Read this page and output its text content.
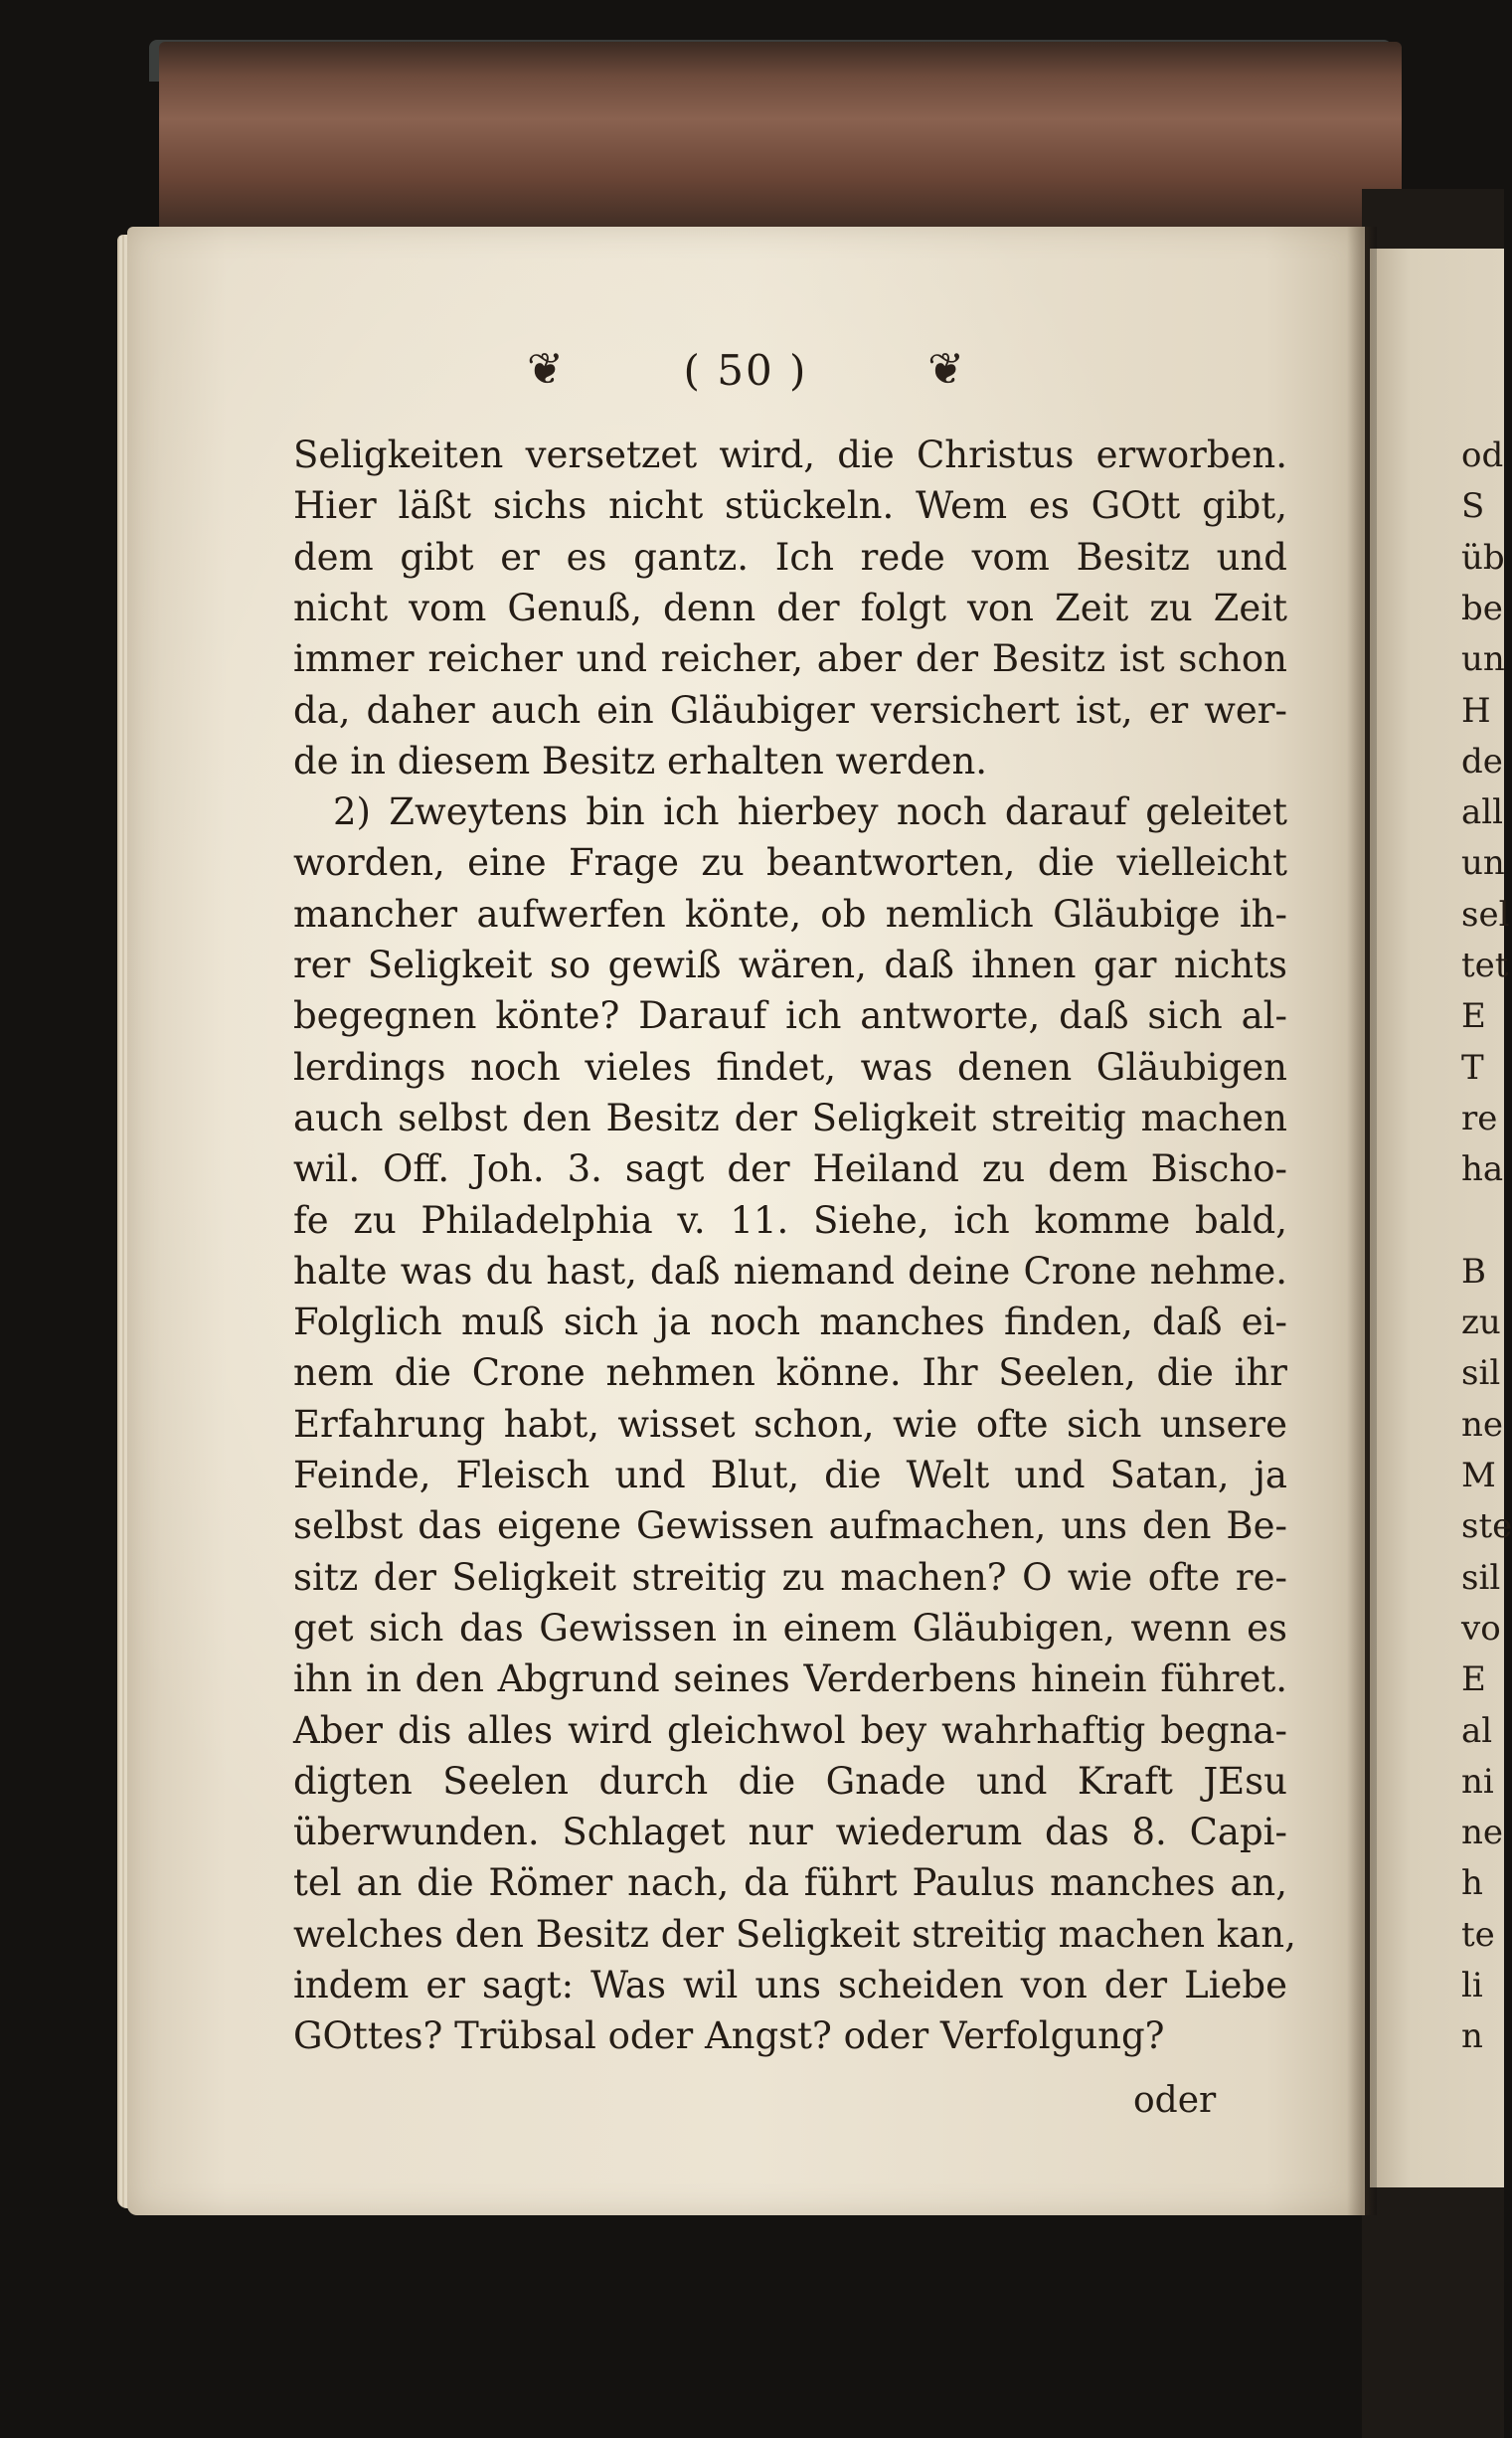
❦	( 50 )	❦
Seligkeiten versetzet wird, die Christus erworben.
Hier läßt sichs nicht stückeln. Wem es GOtt gibt,
dem gibt er es gantz. Ich rede vom Besitz und
nicht vom Genuß, denn der folgt von Zeit zu Zeit
immer reicher und reicher, aber der Besitz ist schon
da, daher auch ein Gläubiger versichert ist, er wer-
de in diesem Besitz erhalten werden.
2) Zweytens bin ich hierbey noch darauf geleitet
worden, eine Frage zu beantworten, die vielleicht
mancher aufwerfen könte, ob nemlich Gläubige ih-
rer Seligkeit so gewiß wären, daß ihnen gar nichts
begegnen könte? Darauf ich antworte, daß sich al-
lerdings noch vieles findet, was denen Gläubigen
auch selbst den Besitz der Seligkeit streitig machen
wil. Off. Joh. 3. sagt der Heiland zu dem Bischo-
fe zu Philadelphia v. 11. Siehe, ich komme bald,
halte was du hast, daß niemand deine Crone nehme.
Folglich muß sich ja noch manches finden, daß ei-
nem die Crone nehmen könne. Ihr Seelen, die ihr
Erfahrung habt, wisset schon, wie ofte sich unsere
Feinde, Fleisch und Blut, die Welt und Satan, ja
selbst das eigene Gewissen aufmachen, uns den Be-
sitz der Seligkeit streitig zu machen? O wie ofte re-
get sich das Gewissen in einem Gläubigen, wenn es
ihn in den Abgrund seines Verderbens hinein führet.
Aber dis alles wird gleichwol bey wahrhaftig begna-
digten Seelen durch die Gnade und Kraft JEsu
überwunden. Schlaget nur wiederum das 8. Capi-
tel an die Römer nach, da führt Paulus manches an,
welches den Besitz der Seligkeit streitig machen kan,
indem er sagt: Was wil uns scheiden von der Liebe
GOttes? Trübsal oder Angst? oder Verfolgung?
oder
od
S
üb
be
un
H
de
all
un
sel
tet
E
T
re
ha
B
zu
sil
ne
M
ste
sil
vo
E
al
ni
ne
h
te
li
n
